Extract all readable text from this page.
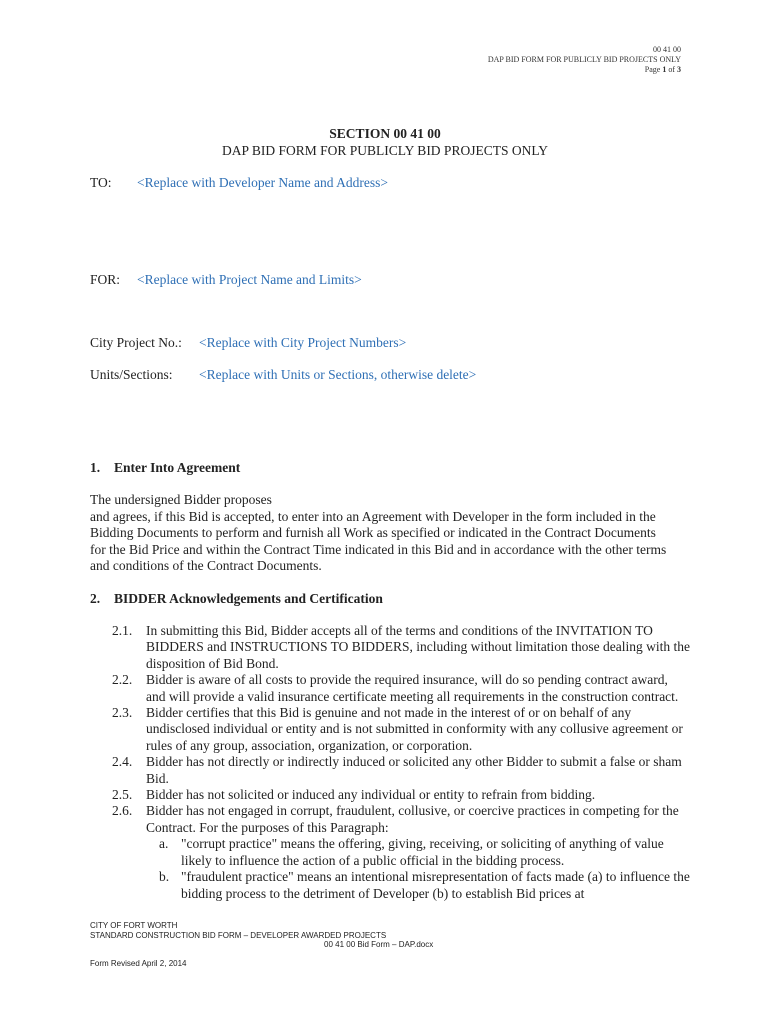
00 41 00
DAP BID FORM FOR PUBLICLY BID PROJECTS ONLY
Page 1 of 3
SECTION 00 41 00
DAP BID FORM FOR PUBLICLY BID PROJECTS ONLY
TO: <Replace with Developer Name and Address>
FOR: <Replace with Project Name and Limits>
City Project No.: <Replace with City Project Numbers>
Units/Sections: <Replace with Units or Sections, otherwise delete>
1. Enter Into Agreement
The undersigned Bidder proposes
and agrees, if this Bid is accepted, to enter into an Agreement with Developer in the form included in the Bidding Documents to perform and furnish all Work as specified or indicated in the Contract Documents for the Bid Price and within the Contract Time indicated in this Bid and in accordance with the other terms and conditions of the Contract Documents.
2. BIDDER Acknowledgements and Certification
2.1. In submitting this Bid, Bidder accepts all of the terms and conditions of the INVITATION TO BIDDERS and INSTRUCTIONS TO BIDDERS, including without limitation those dealing with the disposition of Bid Bond.
2.2. Bidder is aware of all costs to provide the required insurance, will do so pending contract award, and will provide a valid insurance certificate meeting all requirements in the construction contract.
2.3. Bidder certifies that this Bid is genuine and not made in the interest of or on behalf of any undisclosed individual or entity and is not submitted in conformity with any collusive agreement or rules of any group, association, organization, or corporation.
2.4. Bidder has not directly or indirectly induced or solicited any other Bidder to submit a false or sham Bid.
2.5. Bidder has not solicited or induced any individual or entity to refrain from bidding.
2.6. Bidder has not engaged in corrupt, fraudulent, collusive, or coercive practices in competing for the Contract. For the purposes of this Paragraph:
a. "corrupt practice" means the offering, giving, receiving, or soliciting of anything of value likely to influence the action of a public official in the bidding process.
b. "fraudulent practice" means an intentional misrepresentation of facts made (a) to influence the bidding process to the detriment of Developer (b) to establish Bid prices at
CITY OF FORT WORTH
STANDARD CONSTRUCTION BID FORM – DEVELOPER AWARDED PROJECTS
00 41 00 Bid Form – DAP.docx
Form Revised April 2, 2014
